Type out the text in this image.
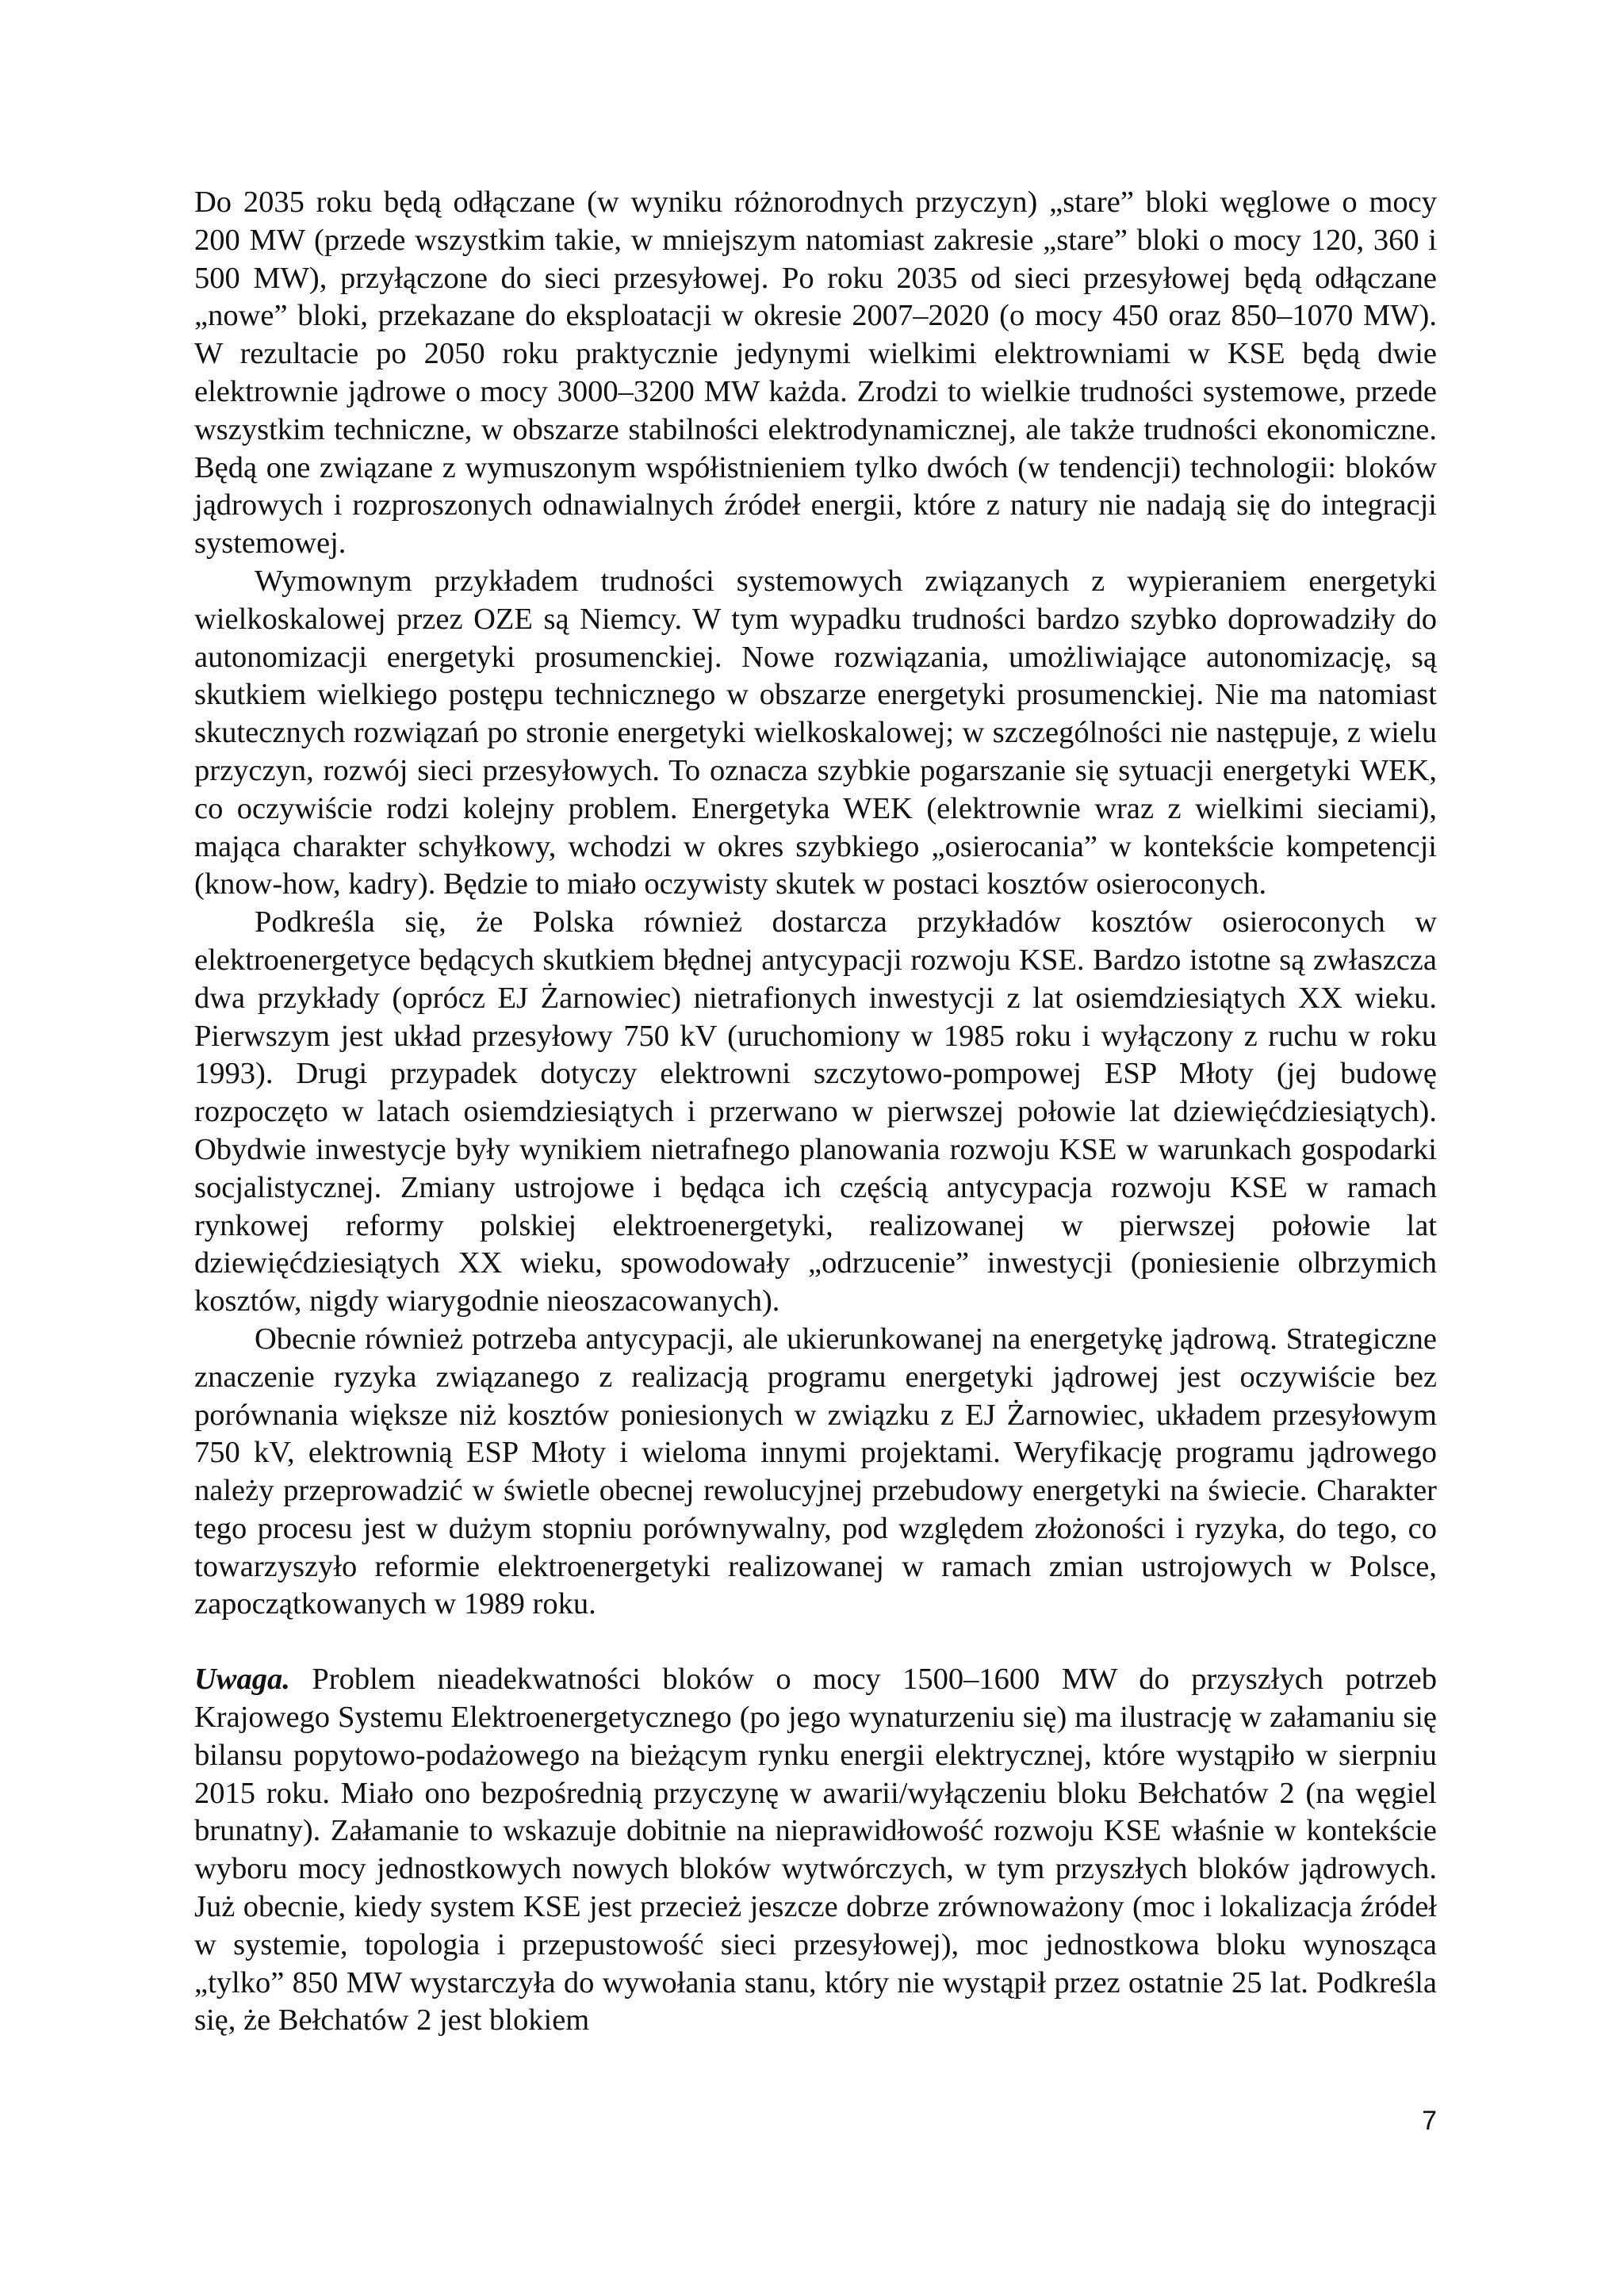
Do 2035 roku będą odłączane (w wyniku różnorodnych przyczyn) „stare” bloki węglowe o mocy 200 MW (przede wszystkim takie, w mniejszym natomiast zakresie „stare” bloki o mocy 120, 360 i 500 MW), przyłączone do sieci przesyłowej. Po roku 2035 od sieci przesyłowej będą odłączane „nowe” bloki, przekazane do eksploatacji w okresie 2007–2020 (o mocy 450 oraz 850–1070 MW). W rezultacie po 2050 roku praktycznie jedynymi wielkimi elektrowniami w KSE będą dwie elektrownie jądrowe o mocy 3000–3200 MW każda. Zrodzi to wielkie trudności systemowe, przede wszystkim techniczne, w obszarze stabilności elektrodynamicznej, ale także trudności ekonomiczne. Będą one związane z wymuszonym współistnieniem tylko dwóch (w tendencji) technologii: bloków jądrowych i rozproszonych odnawialnych źródeł energii, które z natury nie nadają się do integracji systemowej.

Wymownym przykładem trudności systemowych związanych z wypieraniem energetyki wielkoskalowej przez OZE są Niemcy. W tym wypadku trudności bardzo szybko doprowadziły do autonomizacji energetyki prosumenckiej. Nowe rozwiązania, umożliwiające autonomizację, są skutkiem wielkiego postępu technicznego w obszarze energetyki prosumenckiej. Nie ma natomiast skutecznych rozwiązań po stronie energetyki wielkoskalowej; w szczególności nie następuje, z wielu przyczyn, rozwój sieci przesyłowych. To oznacza szybkie pogarszanie się sytuacji energetyki WEK, co oczywiście rodzi kolejny problem. Energetyka WEK (elektrownie wraz z wielkimi sieciami), mająca charakter schyłkowy, wchodzi w okres szybkiego „osierocania” w kontekście kompetencji (know-how, kadry). Będzie to miało oczywisty skutek w postaci kosztów osieroconych.

Podkreśla się, że Polska również dostarcza przykładów kosztów osieroconych w elektroenergetyce będących skutkiem błędnej antycypacji rozwoju KSE. Bardzo istotne są zwłaszcza dwa przykłady (oprócz EJ Żarnowiec) nietrafionych inwestycji z lat osiemdziesiątych XX wieku. Pierwszym jest układ przesyłowy 750 kV (uruchomiony w 1985 roku i wyłączony z ruchu w roku 1993). Drugi przypadek dotyczy elektrowni szczytowo-pompowej ESP Młoty (jej budowę rozpoczęto w latach osiemdziesiątych i przerwano w pierwszej połowie lat dziewięćdziesiątych). Obydwie inwestycje były wynikiem nietrafnego planowania rozwoju KSE w warunkach gospodarki socjalistycznej. Zmiany ustrojowe i będąca ich częścią antycypacja rozwoju KSE w ramach rynkowej reformy polskiej elektroenergetyki, realizowanej w pierwszej połowie lat dziewięćdziesiątych XX wieku, spowodowały „odrzucenie” inwestycji (poniesienie olbrzymich kosztów, nigdy wiarygodnie nieoszacowanych).

Obecnie również potrzeba antycypacji, ale ukierunkowanej na energetykę jądrową. Strategiczne znaczenie ryzyka związanego z realizacją programu energetyki jądrowej jest oczywiście bez porównania większe niż kosztów poniesionych w związku z EJ Żarnowiec, układem przesyłowym 750 kV, elektrownią ESP Młoty i wieloma innymi projektami. Weryfikację programu jądrowego należy przeprowadzić w świetle obecnej rewolucyjnej przebudowy energetyki na świecie. Charakter tego procesu jest w dużym stopniu porównywalny, pod względem złożoności i ryzyka, do tego, co towarzyszyło reformie elektroenergetyki realizowanej w ramach zmian ustrojowych w Polsce, zapoczątkowanych w 1989 roku.

Uwaga. Problem nieadekwatności bloków o mocy 1500–1600 MW do przyszłych potrzeb Krajowego Systemu Elektroenergetycznego (po jego wynaturzeniu się) ma ilustrację w załamaniu się bilansu popytowo-podażowego na bieżącym rynku energii elektrycznej, które wystąpiło w sierpniu 2015 roku. Miało ono bezpośrednią przyczynę w awarii/wyłączeniu bloku Bełchatów 2 (na węgiel brunatny). Załamanie to wskazuje dobitnie na nieprawidłowość rozwoju KSE właśnie w kontekście wyboru mocy jednostkowych nowych bloków wytwórczych, w tym przyszłych bloków jądrowych. Już obecnie, kiedy system KSE jest przecież jeszcze dobrze zrównoważony (moc i lokalizacja źródeł w systemie, topologia i przepustowość sieci przesyłowej), moc jednostkowa bloku wynosząca „tylko” 850 MW wystarczyła do wywołania stanu, który nie wystąpił przez ostatnie 25 lat. Podkreśla się, że Bełchatów 2 jest blokiem

7
